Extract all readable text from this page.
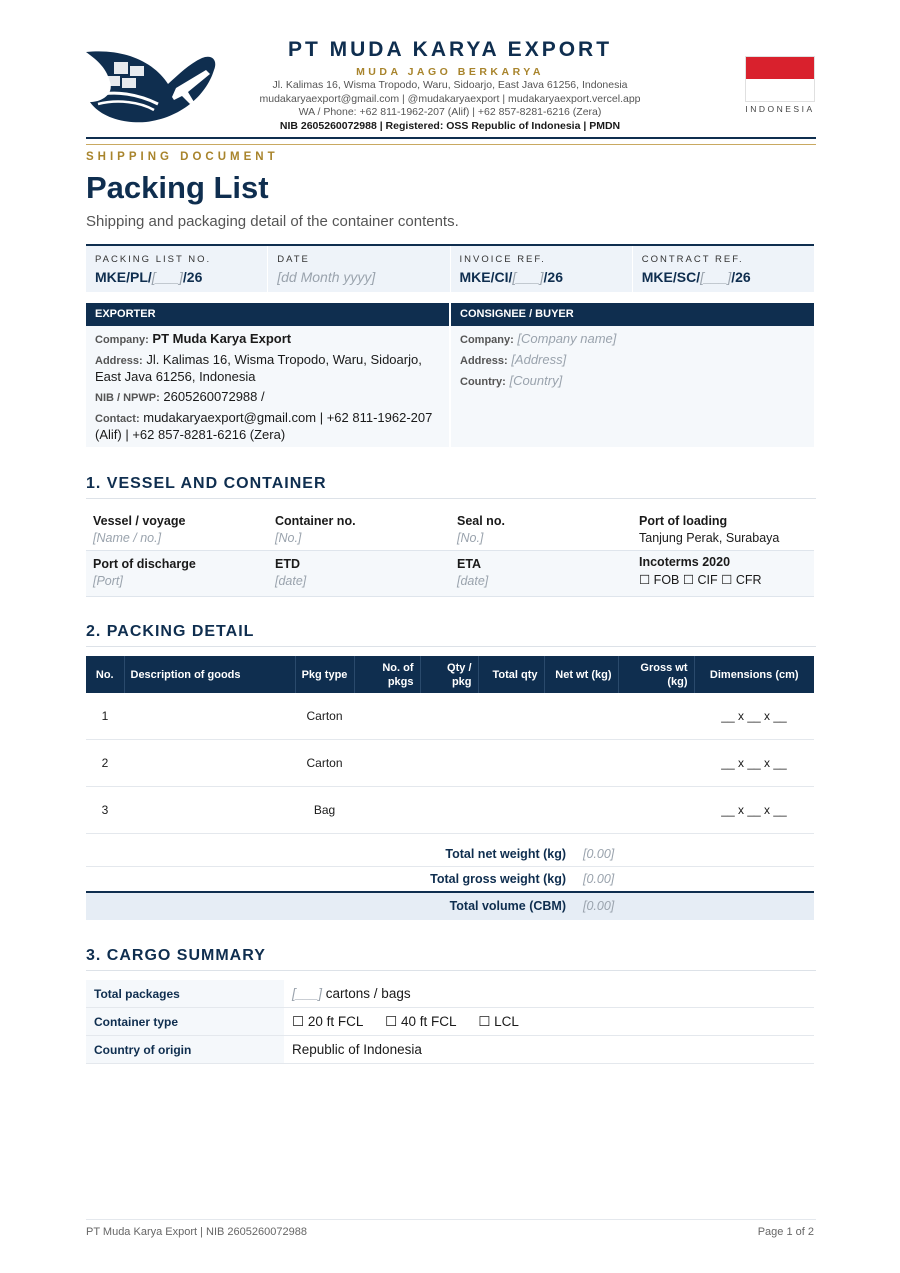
PT MUDA KARYA EXPORT
MUDA JAGO BERKARYA
Jl. Kalimas 16, Wisma Tropodo, Waru, Sidoarjo, East Java 61256, Indonesia
mudakaryaexport@gmail.com | @mudakaryaexport | mudakaryaexport.vercel.app
WA / Phone: +62 811-1962-207 (Alif) | +62 857-8281-6216 (Zera)
NIB 2605260072988 | Registered: OSS Republic of Indonesia | PMDN
INDONESIA
SHIPPING DOCUMENT
Packing List
Shipping and packaging detail of the container contents.
PACKING LIST NO.
MKE/PL/[___]/26
DATE
[dd Month yyyy]
INVOICE REF.
MKE/CI/[___]/26
CONTRACT REF.
MKE/SC/[___]/26
EXPORTER
Company: PT Muda Karya Export
Address: Jl. Kalimas 16, Wisma Tropodo, Waru, Sidoarjo, East Java 61256, Indonesia
NIB / NPWP: 2605260072988 /
Contact: mudakaryaexport@gmail.com | +62 811-1962-207 (Alif) | +62 857-8281-6216 (Zera)
CONSIGNEE / BUYER
Company: [Company name]
Address: [Address]
Country: [Country]
1. VESSEL AND CONTAINER
Vessel / voyage
[Name / no.]
Container no.
[No.]
Seal no.
[No.]
Port of loading
Tanjung Perak, Surabaya
Port of discharge
[Port]
ETD
[date]
ETA
[date]
Incoterms 2020
☐ FOB ☐ CIF ☐ CFR
2. PACKING DETAIL
No.	Description of goods	Pkg type	No. of pkgs	Qty / pkg	Total qty	Net wt (kg)	Gross wt (kg)	Dimensions (cm)
1		Carton						__ x __ x __
2		Carton						__ x __ x __
3		Bag						__ x __ x __
Total net weight (kg) [0.00]
Total gross weight (kg) [0.00]
Total volume (CBM) [0.00]
3. CARGO SUMMARY
Total packages	[___] cartons / bags
Container type	☐ 20 ft FCL ☐ 40 ft FCL ☐ LCL
Country of origin	Republic of Indonesia
PT Muda Karya Export | NIB 2605260072988	Page 1 of 2
